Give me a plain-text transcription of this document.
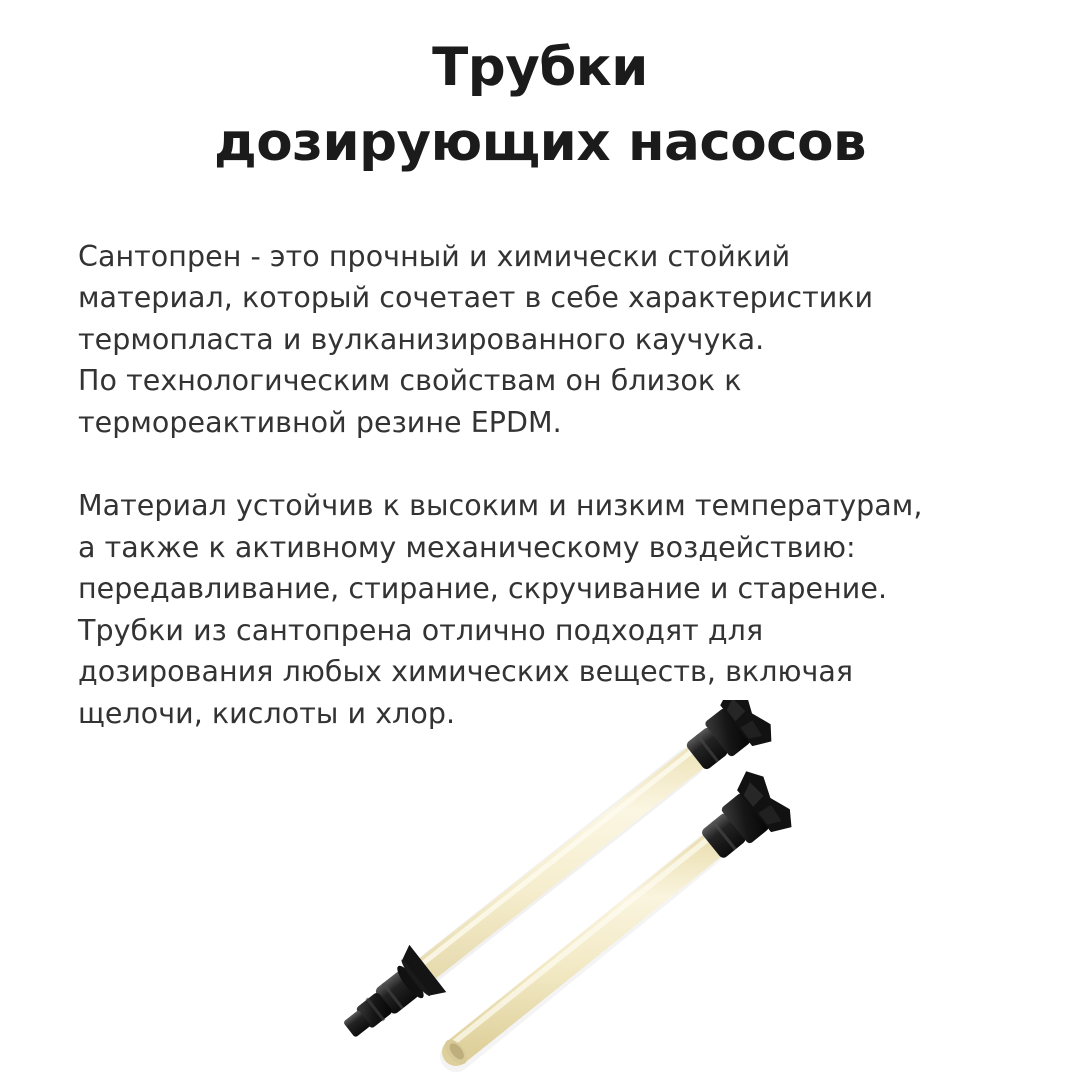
Трубки
дозирующих насосов
Сантопрен - это прочный и химически стойкий
материал, который сочетает в себе характеристики
термопласта и вулканизированного каучука.
По технологическим свойствам он близок к
термореактивной резине EPDM.
Материал устойчив к высоким и низким температурам,
а также к активному механическому воздействию:
передавливание, стирание, скручивание и старение.
Трубки из сантопрена отлично подходят для
дозирования любых химических веществ, включая
щелочи, кислоты и хлор.
